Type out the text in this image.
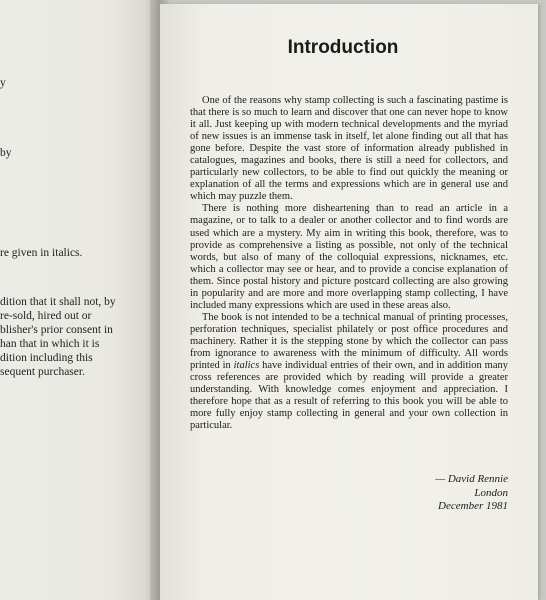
y
by
re given in italics.
dition that it shall not, by
re-sold, hired out or
blisher's prior consent in
han that in which it is
dition including this
sequent purchaser.
Introduction

One of the reasons why stamp collecting is such a fascinating pastime is that there is so much to learn and discover that one can never hope to know it all. Just keeping up with modern technical developments and the myriad of new issues is an immense task in itself, let alone finding out all that has gone before. Despite the vast store of information already published in catalogues, magazines and books, there is still a need for collectors, and particularly new collectors, to be able to find out quickly the meaning or explanation of all the terms and expressions which are in general use and which may puzzle them.

There is nothing more disheartening than to read an article in a magazine, or to talk to a dealer or another collector and to find words are used which are a mystery. My aim in writing this book, therefore, was to provide as comprehensive a listing as possible, not only of the technical words, but also of many of the colloquial expressions, nicknames, etc. which a collector may see or hear, and to provide a concise explanation of them. Since postal history and picture postcard collecting are also growing in popularity and are more and more overlapping stamp collecting, I have included many expressions which are used in these areas also.

The book is not intended to be a technical manual of printing processes, perforation techniques, specialist philately or post office procedures and machinery. Rather it is the stepping stone by which the collector can pass from ignorance to awareness with the minimum of difficulty. All words printed in italics have individual entries of their own, and in addition many cross references are provided which by reading will provide a greater understanding. With knowledge comes enjoyment and appreciation. I therefore hope that as a result of referring to this book you will be able to more fully enjoy stamp collecting in general and your own collection in particular.

— David Rennie
London
December 1981
